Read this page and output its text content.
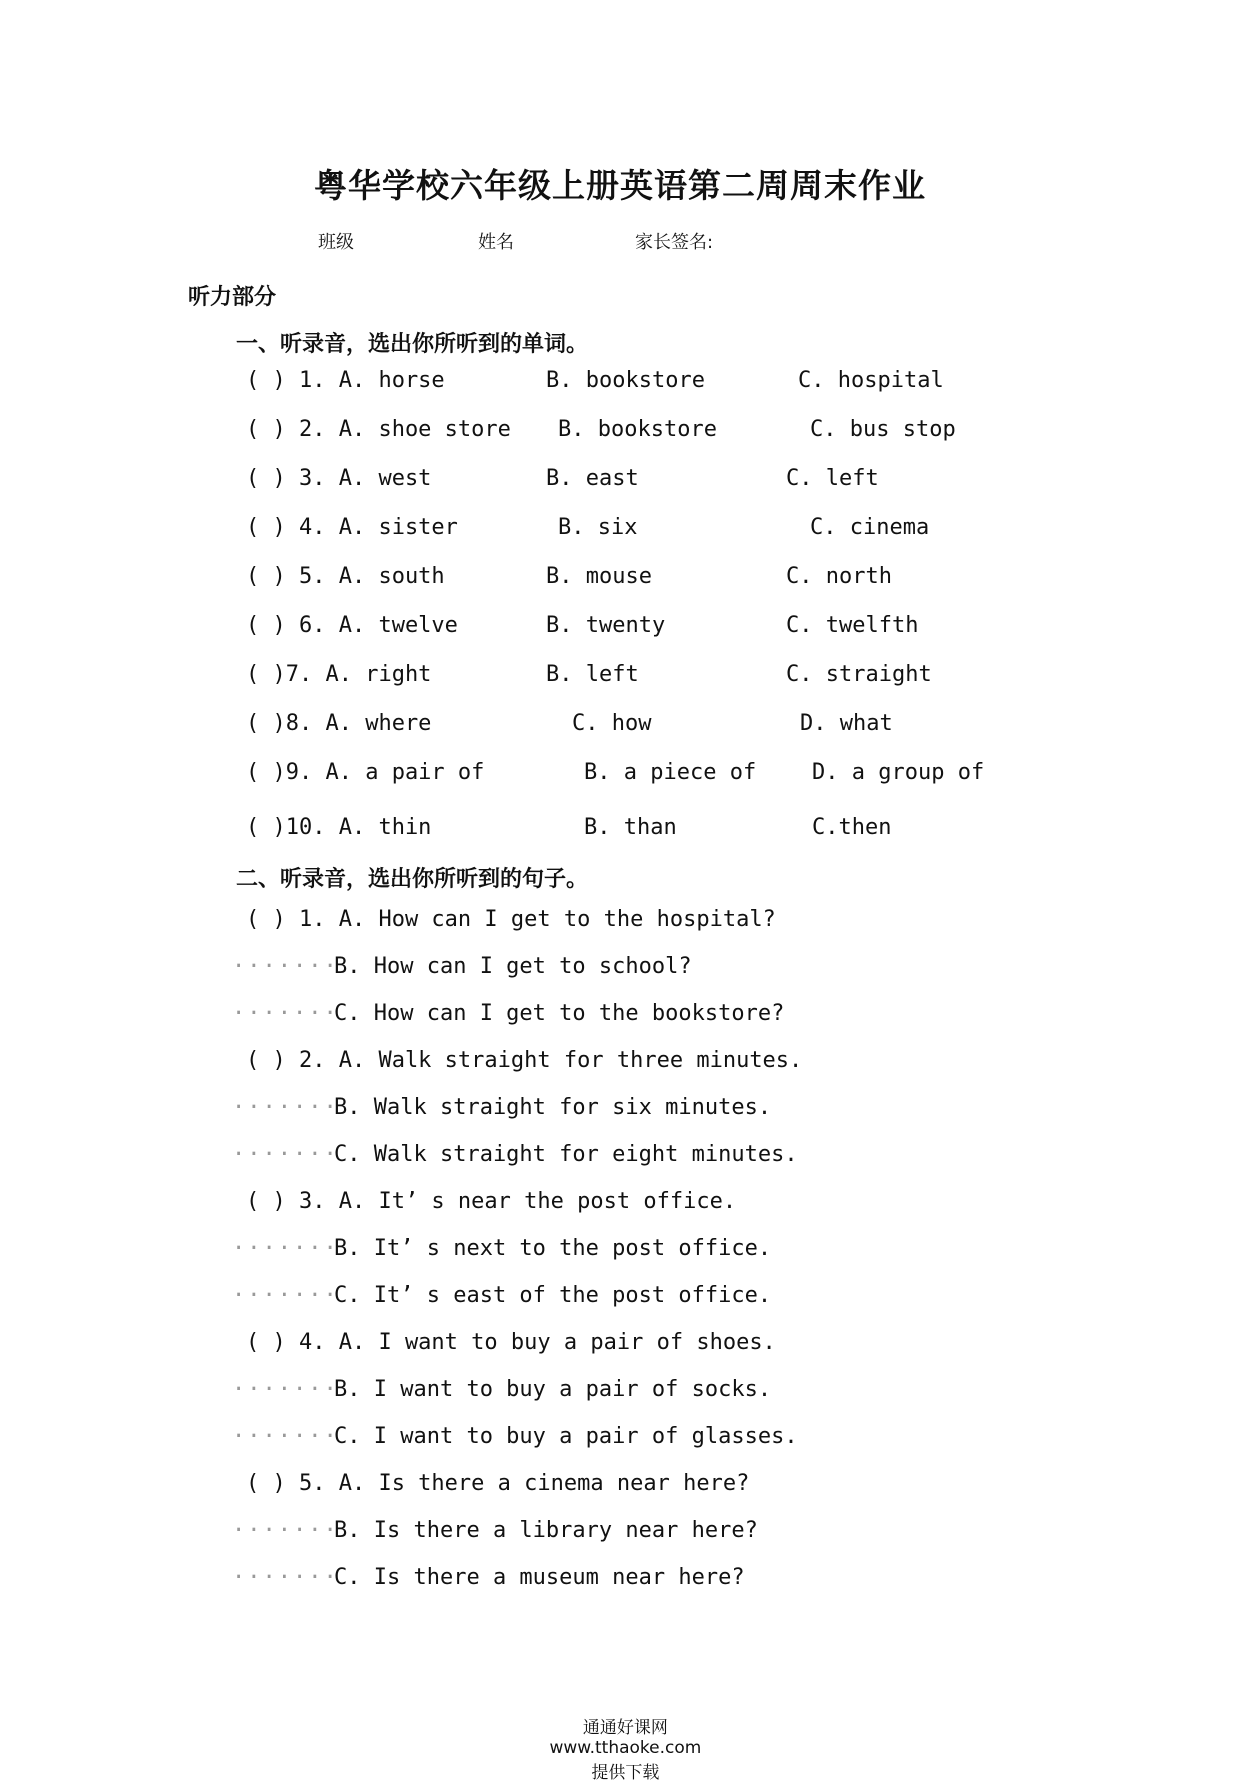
粤华学校六年级上册英语第二周周末作业
班级	姓名	家长签名:
听力部分
一、听录音，选出你所听到的单词。
( ) 1. A. horse	B. bookstore	C. hospital
( ) 2. A. shoe store B. bookstore	C. bus stop
( ) 3. A. west	B. east	C. left
( ) 4. A. sister	B. six	C. cinema
( ) 5. A. south	B. mouse	C. north
( ) 6. A. twelve	B. twenty	C. twelfth
( )7. A. right	B. left	C. straight
( )8. A. where	C. how	D. what
( )9. A. a pair of	B. a piece of	D. a group of
( )10. A. thin	B. than	C.then
二、听录音，选出你所听到的句子。
( ) 1. A. How can I get to the hospital?
B. How can I get to school?
C. How can I get to the bookstore?
( ) 2. A. Walk straight for three minutes.
B. Walk straight for six minutes.
C. Walk straight for eight minutes.
( ) 3. A. It’ s near the post office.
B. It’ s next to the post office.
C. It’ s east of the post office.
( ) 4. A. I want to buy a pair of shoes.
B. I want to buy a pair of socks.
C. I want to buy a pair of glasses.
( ) 5. A. Is there a cinema near here?
B. Is there a library near here?
C. Is there a museum near here?
·······
·······
·······
·······
·······
·······
·······
·······
·······
·······

通通好课网
www.tthaoke.com
提供下载
